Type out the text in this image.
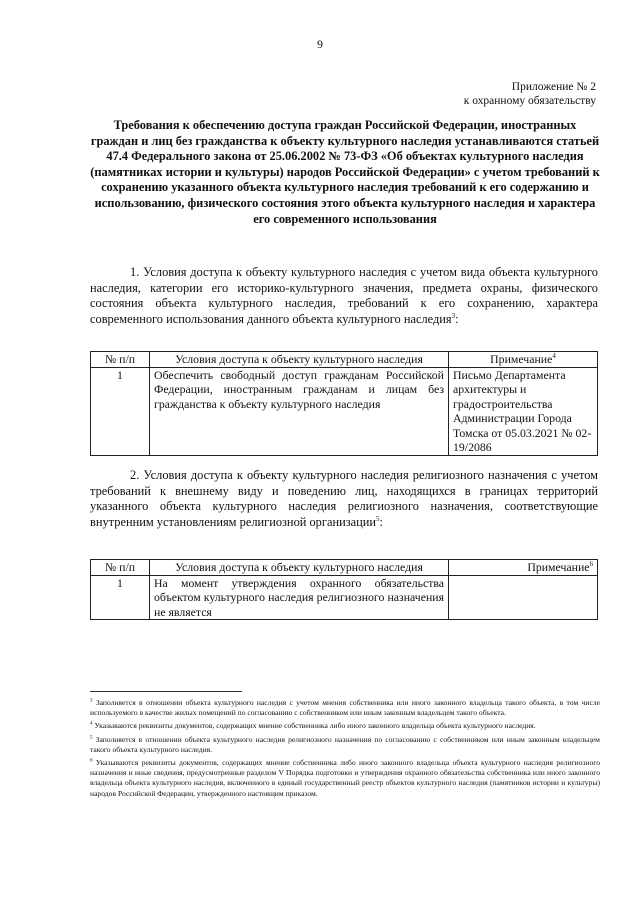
9
Приложение № 2
к охранному обязательству
Требования к обеспечению доступа граждан Российской Федерации, иностранных граждан и лиц без гражданства к объекту культурного наследия устанавливаются статьей 47.4 Федерального закона от 25.06.2002 № 73-ФЗ «Об объектах культурного наследия (памятниках истории и культуры) народов Российской Федерации» с учетом требований к сохранению указанного объекта культурного наследия требований к его содержанию и использованию, физического состояния этого объекта культурного наследия и характера его современного использования
1. Условия доступа к объекту культурного наследия с учетом вида объекта культурного наследия, категории его историко-культурного значения, предмета охраны, физического состояния объекта культурного наследия, требований к его сохранению, характера современного использования данного объекта культурного наследия$^3$:
№ п/п	Условия доступа к объекту культурного наследия	Примечание$^4$
1	Обеспечить свободный доступ гражданам Российской Федерации, иностранным гражданам и лицам без гражданства к объекту культурного наследия	Письмо Департамента архитектуры и градостроительства Администрации Города Томска от 05.03.2021 № 02-19/2086
2. Условия доступа к объекту культурного наследия религиозного назначения с учетом требований к внешнему виду и поведению лиц, находящихся в границах территорий указанного объекта культурного наследия религиозного назначения, соответствующие внутренним установлениям религиозной организации$^5$:
№ п/п	Условия доступа к объекту культурного наследия	Примечание$^6$
1	На момент утверждения охранного обязательства объектом культурного наследия религиозного назначения не является	

$^3$ Заполняется в отношении объекта культурного наследия с учетом мнения собственника или иного законного владельца такого объекта, в том числе используемого в качестве жилых помещений по согласованию с собственником или иным законным владельцем такого объекта.

$^4$ Указываются реквизиты документов, содержащих мнение собственника либо иного законного владельца объекта культурного наследия.

$^5$ Заполняется в отношении объекта культурного наследия религиозного назначения по согласованию с собственником или иным законным владельцем такого объекта культурного наследия.

$^6$ Указываются реквизиты документов, содержащих мнение собственника либо иного законного владельца объекта культурного наследия религиозного назначения и иные сведения, предусмотренные разделом V Порядка подготовки и утверждения охранного обязательства собственника или иного законного владельца объекта культурного наследия, включенного в единый государственный реестр объектов культурного наследия (памятников истории и культуры) народов Российской Федерации, утвержденного настоящим приказом.
